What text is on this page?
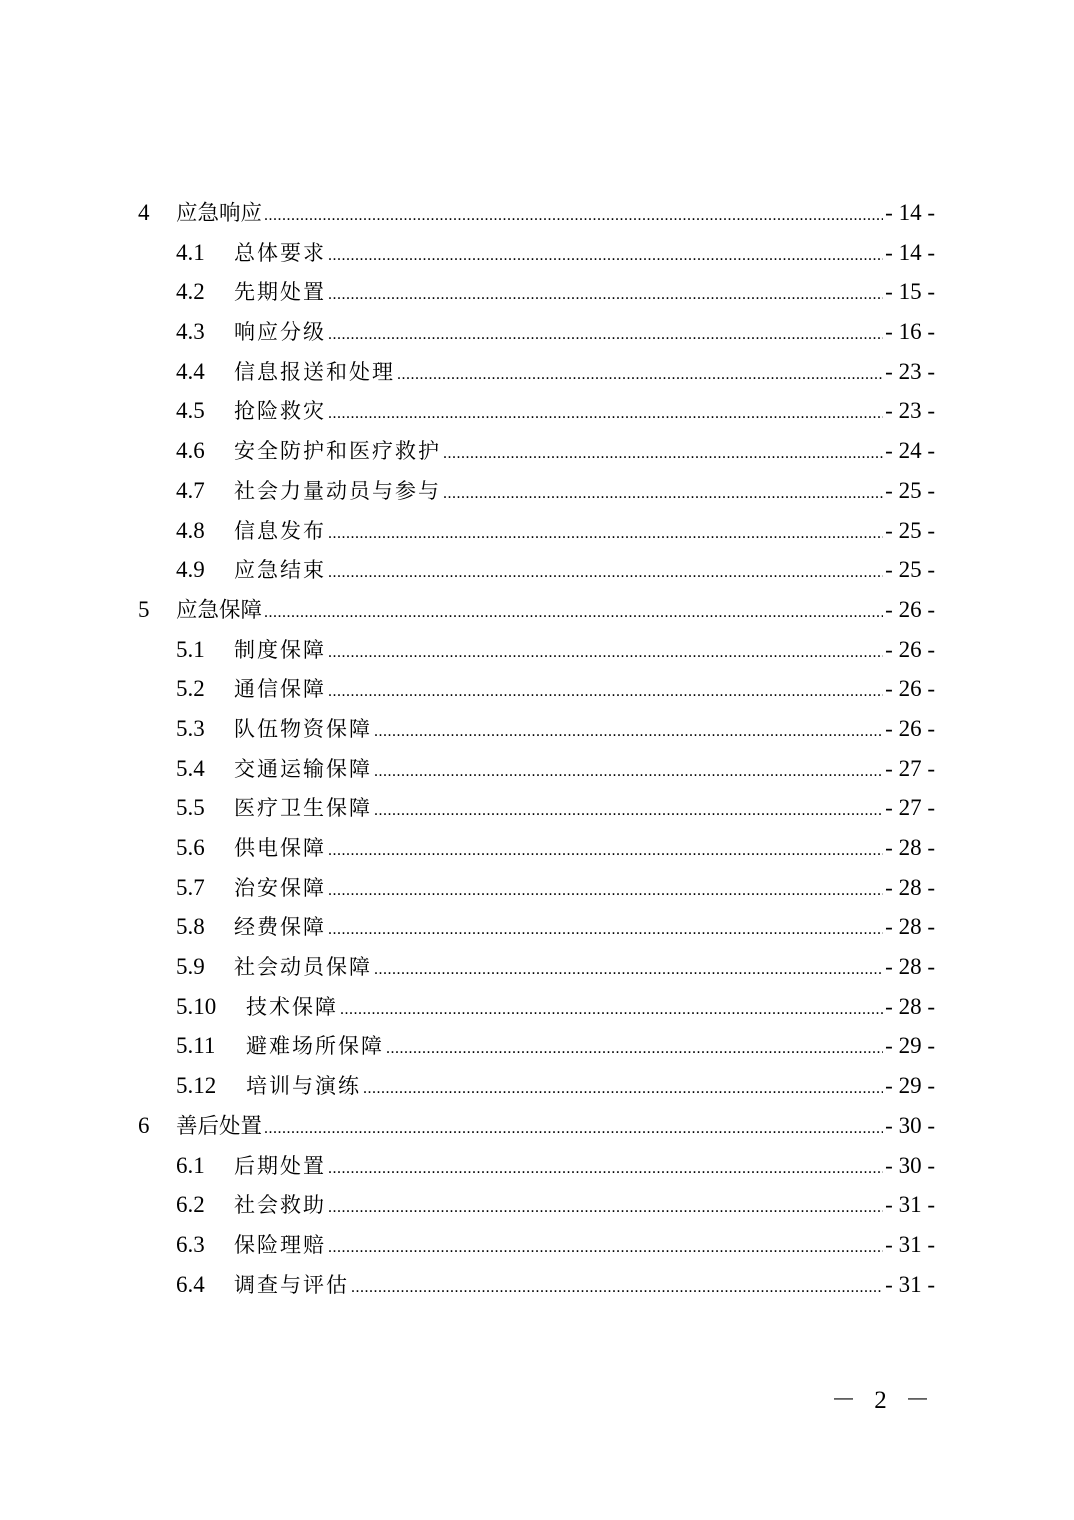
4	应急响应 .....	- 14 -
4.1	总体要求 .....	- 14 -
4.2	先期处置 .....	- 15 -
4.3	响应分级 .....	- 16 -
4.4	信息报送和处理 .....	- 23 -
4.5	抢险救灾 .....	- 23 -
4.6	安全防护和医疗救护 .....	- 24 -
4.7	社会力量动员与参与 .....	- 25 -
4.8	信息发布 .....	- 25 -
4.9	应急结束 .....	- 25 -
5	应急保障 .....	- 26 -
5.1	制度保障 .....	- 26 -
5.2	通信保障 .....	- 26 -
5.3	队伍物资保障 .....	- 26 -
5.4	交通运输保障 .....	- 27 -
5.5	医疗卫生保障 .....	- 27 -
5.6	供电保障 .....	- 28 -
5.7	治安保障 .....	- 28 -
5.8	经费保障 .....	- 28 -
5.9	社会动员保障 .....	- 28 -
5.10	技术保障 .....	- 28 -
5.11	避难场所保障 .....	- 29 -
5.12	培训与演练 .....	- 29 -
6	善后处置 .....	- 30 -
6.1	后期处置 .....	- 30 -
6.2	社会救助 .....	- 31 -
6.3	保险理赔 .....	- 31 -
6.4	调查与评估 .....	- 31 -
－ 2 －
